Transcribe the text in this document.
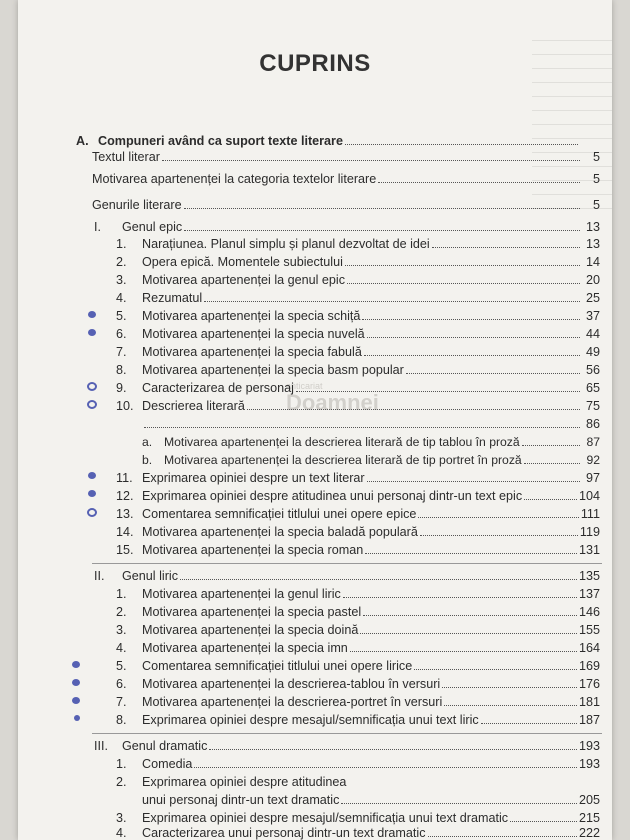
CUPRINS
anticariat
Doamnei
A. Compuneri având ca suport texte literare
Textul literar	5
Motivarea apartenenței la categoria textelor literare	5
Genurile literare	5
I.	Genul epic	13
1.	Narațiunea. Planul simplu și planul dezvoltat de idei	13
2.	Opera epică. Momentele subiectului	14
3.	Motivarea apartenenței la genul epic	20
4.	Rezumatul	25
5.	Motivarea apartenenței la specia schiță	37
6.	Motivarea apartenenței la specia nuvelă	44
7.	Motivarea apartenenței la specia fabulă	49
8.	Motivarea apartenenței la specia basm popular	56
9.	Caracterizarea de personaj	65
10. Descrierea literară	75
86
a. Motivarea apartenenței la descrierea literară de tip tablou în proză	87
b. Motivarea apartenenței la descrierea literară de tip portret în proză	92
11. Exprimarea opiniei despre un text literar	97
12. Exprimarea opiniei despre atitudinea unui personaj dintr-un text epic	104
13. Comentarea semnificației titlului unei opere epice	111
14. Motivarea apartenenței la specia baladă populară	119
15. Motivarea apartenenței la specia roman	131
II.	Genul liric	135
1.	Motivarea apartenenței la genul liric	137
2.	Motivarea apartenenței la specia pastel	146
3.	Motivarea apartenenței la specia doină	155
4.	Motivarea apartenenței la specia imn	164
5.	Comentarea semnificației titlului unei opere lirice	169
6.	Motivarea apartenenței la descrierea-tablou în versuri	176
7.	Motivarea apartenenței la descrierea-portret în versuri	181
8.	Exprimarea opiniei despre mesajul/semnificația unui text liric	187
III.	Genul dramatic	193
1.	Comedia	193
2.	Exprimarea opiniei despre atitudinea
unui personaj dintr-un text dramatic	205
3.	Exprimarea opiniei despre mesajul/semnificația unui text dramatic	215
4.	Caracterizarea unui personaj dintr-un text dramatic	222
